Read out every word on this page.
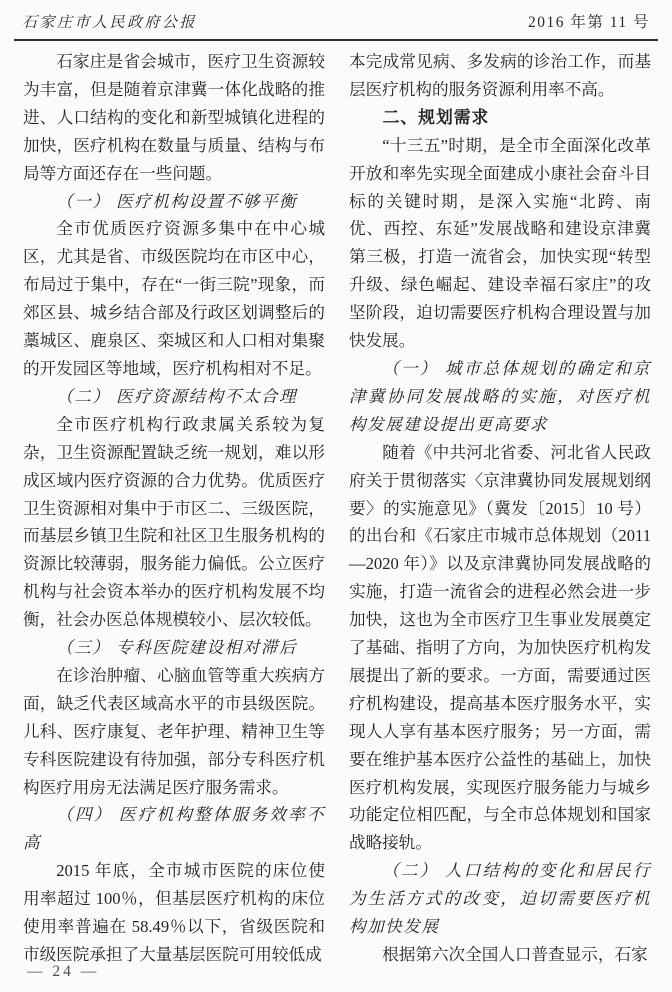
石家庄市人民政府公报	2016 年第 11 号

石家庄是省会城市，医疗卫生资源较为丰富，但是随着京津冀一体化战略的推进、人口结构的变化和新型城镇化进程的加快，医疗机构在数量与质量、结构与布局等方面还存在一些问题。

（一） 医疗机构设置不够平衡

全市优质医疗资源多集中在中心城区，尤其是省、市级医院均在市区中心，布局过于集中，存在“一街三院”现象，而郊区县、城乡结合部及行政区划调整后的藁城区、鹿泉区、栾城区和人口相对集聚的开发园区等地域，医疗机构相对不足。

（二） 医疗资源结构不太合理

全市医疗机构行政隶属关系较为复杂，卫生资源配置缺乏统一规划，难以形成区域内医疗资源的合力优势。优质医疗卫生资源相对集中于市区二、三级医院，而基层乡镇卫生院和社区卫生服务机构的资源比较薄弱，服务能力偏低。公立医疗机构与社会资本举办的医疗机构发展不均衡，社会办医总体规模较小、层次较低。

（三） 专科医院建设相对滞后

在诊治肿瘤、心脑血管等重大疾病方面，缺乏代表区域高水平的市县级医院。儿科、医疗康复、老年护理、精神卫生等专科医院建设有待加强，部分专科医疗机构医疗用房无法满足医疗服务需求。

（四） 医疗机构整体服务效率不高

2015 年底，全市城市医院的床位使用率超过 100％，但基层医疗机构的床位使用率普遍在 58.49％以下，省级医院和市级医院承担了大量基层医院可用较低成

本完成常见病、多发病的诊治工作，而基层医疗机构的服务资源利用率不高。

二、规划需求

“十三五”时期，是全市全面深化改革开放和率先实现全面建成小康社会奋斗目标的关键时期，是深入实施“北跨、南优、西控、东延”发展战略和建设京津冀第三极，打造一流省会，加快实现“转型升级、绿色崛起、建设幸福石家庄”的攻坚阶段，迫切需要医疗机构合理设置与加快发展。

（一） 城市总体规划的确定和京津冀协同发展战略的实施，对医疗机构发展建设提出更高要求

随着《中共河北省委、河北省人民政府关于贯彻落实〈京津冀协同发展规划纲要〉的实施意见》（冀发〔2015〕10 号）的出台和《石家庄市城市总体规划（2011—2020 年）》以及京津冀协同发展战略的实施，打造一流省会的进程必然会进一步加快，这也为全市医疗卫生事业发展奠定了基础、指明了方向，为加快医疗机构发展提出了新的要求。一方面，需要通过医疗机构建设，提高基本医疗服务水平，实现人人享有基本医疗服务；另一方面，需要在维护基本医疗公益性的基础上，加快医疗机构发展，实现医疗服务能力与城乡功能定位相匹配，与全市总体规划和国家战略接轨。

（二） 人口结构的变化和居民行为生活方式的改变，迫切需要医疗机构加快发展

根据第六次全国人口普查显示，石家

— 24 —
